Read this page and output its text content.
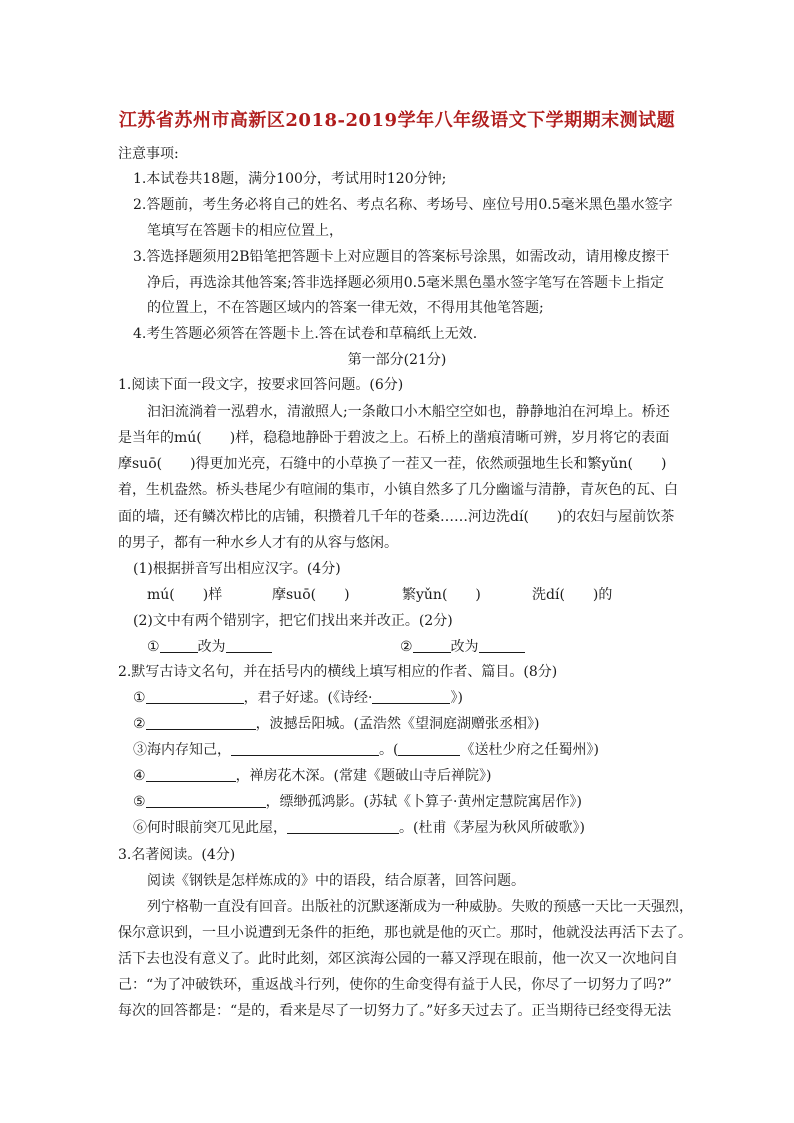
江苏省苏州市高新区2018-2019学年八年级语文下学期期末测试题
注意事项:
1.本试卷共18题，满分100分，考试用时120分钟;
2.答题前，考生务必将自己的姓名、考点名称、考场号、座位号用0.5毫米黑色墨水签字
笔填写在答题卡的相应位置上，
3.答选择题须用2B铅笔把答题卡上对应题目的答案标号涂黑，如需改动，请用橡皮擦干
净后，再选涂其他答案;答非选择题必须用0.5毫米黑色墨水签字笔写在答题卡上指定
的位置上，不在答题区域内的答案一律无效，不得用其他笔答题;
4.考生答题必须答在答题卡上.答在试卷和草稿纸上无效.
第一部分(21分)
1.阅读下面一段文字，按要求回答问题。(6分)
汩汩流淌着一泓碧水，清澈照人;一条敞口小木船空空如也，静静地泊在河埠上。桥还
是当年的mú(　　)样，稳稳地静卧于碧波之上。石桥上的凿痕清晰可辨，岁月将它的表面
摩suō(　　)得更加光亮，石缝中的小草换了一茬又一茬，依然顽强地生长和繁yǔn(　　)
着，生机盎然。桥头巷尾少有喧闹的集市，小镇自然多了几分幽谧与清静，青灰色的瓦、白
面的墙，还有鳞次栉比的店铺，积攒着几千年的苍桑……河边洗dí(　　)的农妇与屋前饮茶
的男子，都有一种水乡人才有的从容与悠闲。
(1)根据拼音写出相应汉字。(4分)
mú(　　)样	摩suō(　　)	繁yǔn(　　)	洗dí(　　)的
(2)文中有两个错别字，把它们找出来并改正。(2分)
①	改为	②	改为
2.默写古诗文名句，并在括号内的横线上填写相应的作者、篇目。(8分)
①	，君子好逑。(《诗经·	》)
②	，波撼岳阳城。(孟浩然《望洞庭湖赠张丞相》)
③海内存知己，	。(	《送杜少府之任蜀州》)
④	，禅房花木深。(常建《题破山寺后禅院》)
⑤	，缥缈孤鸿影。(苏轼《卜算子·黄州定慧院寓居作》)
⑥何时眼前突兀见此屋，	。(杜甫《茅屋为秋风所破歌》)
3.名著阅读。(4分)
阅读《钢铁是怎样炼成的》中的语段，结合原著，回答问题。
列宁格勒一直没有回音。出版社的沉默逐渐成为一种威胁。失败的预感一天比一天强烈，
保尔意识到，一旦小说遭到无条件的拒绝，那也就是他的灭亡。那时，他就没法再活下去了。
活下去也没有意义了。此时此刻，郊区滨海公园的一幕又浮现在眼前，他一次又一次地问自
己：“为了冲破铁环，重返战斗行列，使你的生命变得有益于人民，你尽了一切努力了吗?”
每次的回答都是：“是的，看来是尽了一切努力了。”好多天过去了。正当期待已经变得无法
